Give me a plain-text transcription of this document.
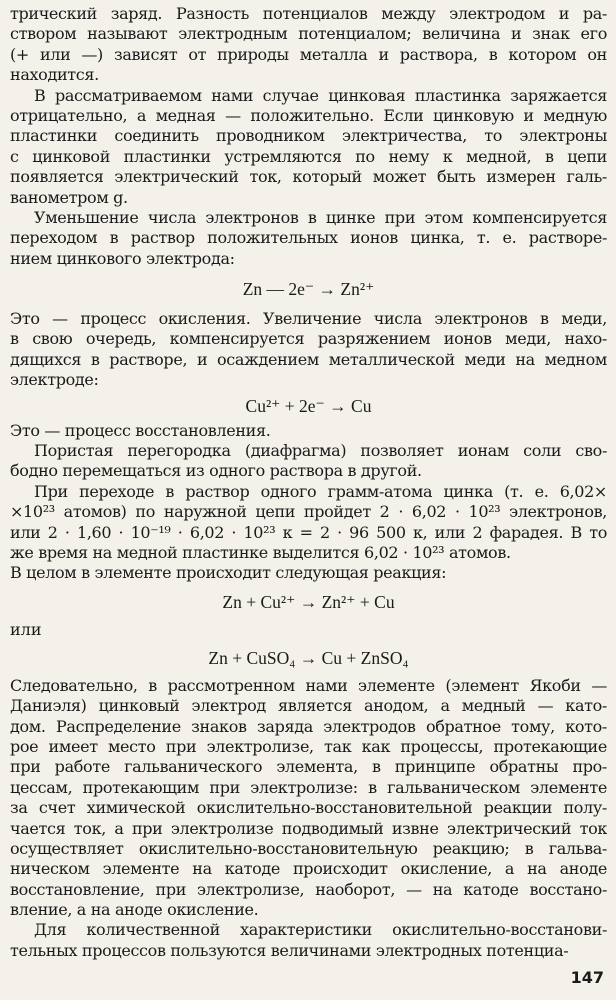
трический заряд. Разность потенциалов между электродом и ра-
створом называют электродным потенциалом; величина и знак его
(+ или —) зависят от природы металла и раствора, в котором он
находится.
В рассматриваемом нами случае цинковая пластинка заряжается
отрицательно, а медная — положительно. Если цинковую и медную
пластинки соединить проводником электричества, то электроны
с цинковой пластинки устремляются по нему к медной, в цепи
появляется электрический ток, который может быть измерен галь-
ванометром g.
Уменьшение числа электронов в цинке при этом компенсируется
переходом в раствор положительных ионов цинка, т. е. растворе-
нием цинкового электрода:
Zn — 2e⁻ → Zn²⁺
Это — процесс окисления. Увеличение числа электронов в меди,
в свою очередь, компенсируется разряжением ионов меди, нахо-
дящихся в растворе, и осаждением металлической меди на медном
электроде:
Cu²⁺ + 2e⁻ → Cu
Это — процесс восстановления.
Пористая перегородка (диафрагма) позволяет ионам соли сво-
бодно перемещаться из одного раствора в другой.
При переходе в раствор одного грамм-атома цинка (т. е. 6,02×
×10²³ атомов) по наружной цепи пройдет 2 · 6,02 · 10²³ электронов,
или 2 · 1,60 · 10⁻¹⁹ · 6,02 · 10²³ к = 2 · 96 500 к, или 2 фарадея. В то
же время на медной пластинке выделится 6,02 · 10²³ атомов.
В целом в элементе происходит следующая реакция:
Zn + Cu²⁺ → Zn²⁺ + Cu
или
Zn + CuSO₄ → Cu + ZnSO₄
Следовательно, в рассмотренном нами элементе (элемент Якоби —
Даниэля) цинковый электрод является анодом, а медный — като-
дом. Распределение знаков заряда электродов обратное тому, кото-
рое имеет место при электролизе, так как процессы, протекающие
при работе гальванического элемента, в принципе обратны про-
цессам, протекающим при электролизе: в гальваническом элементе
за счет химической окислительно-восстановительной реакции полу-
чается ток, а при электролизе подводимый извне электрический ток
осуществляет окислительно-восстановительную реакцию; в гальва-
ническом элементе на катоде происходит окисление, а на аноде
восстановление, при электролизе, наоборот, — на катоде восстано-
вление, а на аноде окисление.
Для количественной характеристики окислительно-восстанови-
тельных процессов пользуются величинами электродных потенциа-
147
